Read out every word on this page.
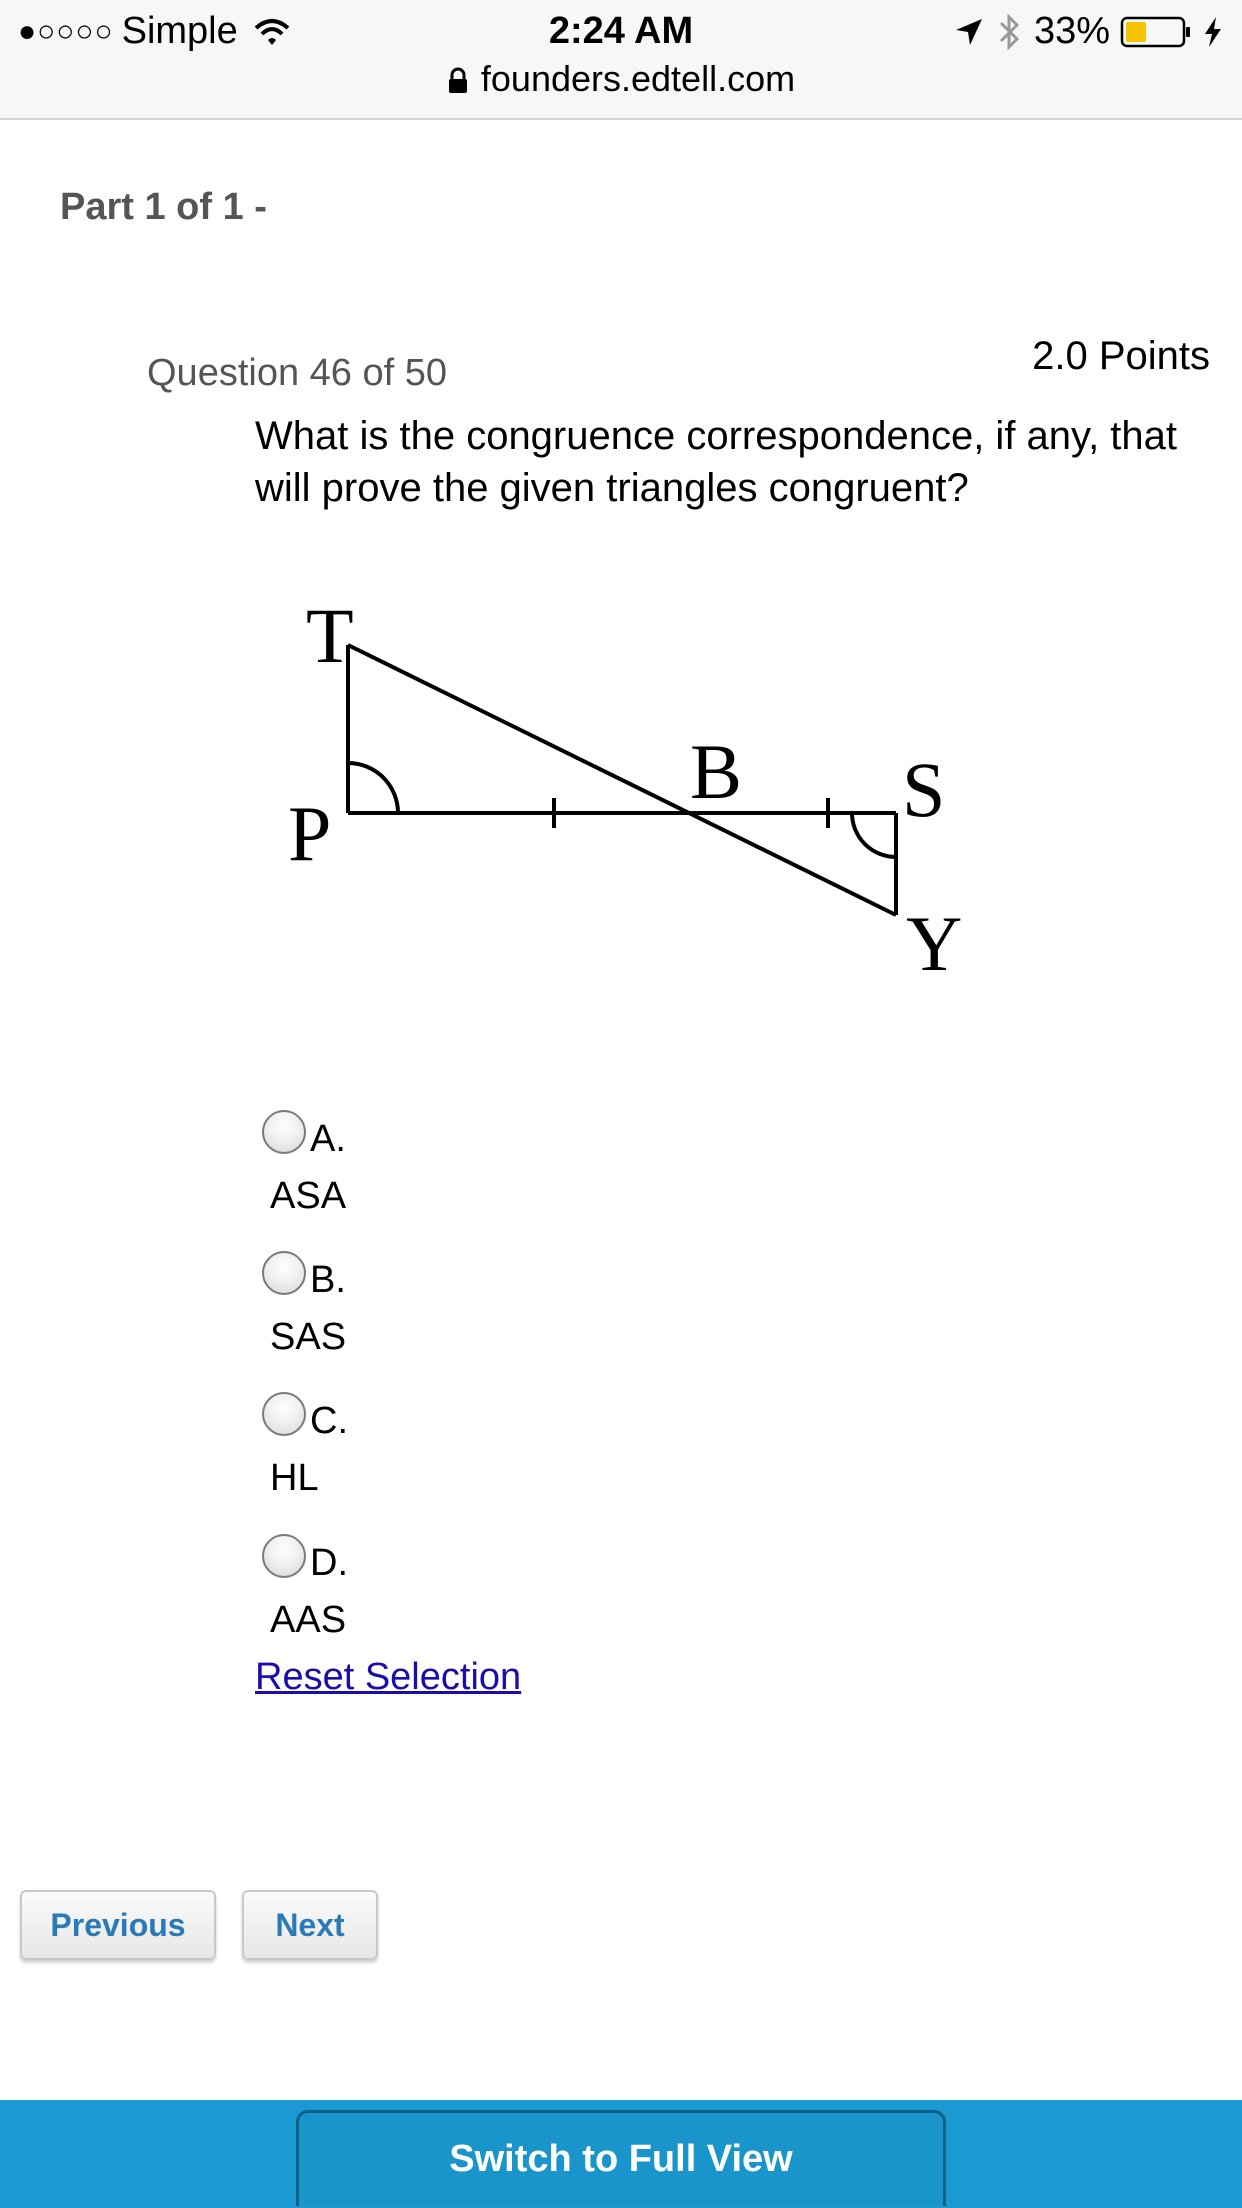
●○○○○ Simple	2:24 AM	33%
founders.edtell.com
Part 1 of 1 -
2.0 Points
Question 46 of 50
What is the congruence correspondence, if any, that will prove the given triangles congruent?
T
P
B S
Y
A.
ASA
B.
SAS
C.
HL
D.
AAS
Reset Selection
Previous	Next
Switch to Full View
